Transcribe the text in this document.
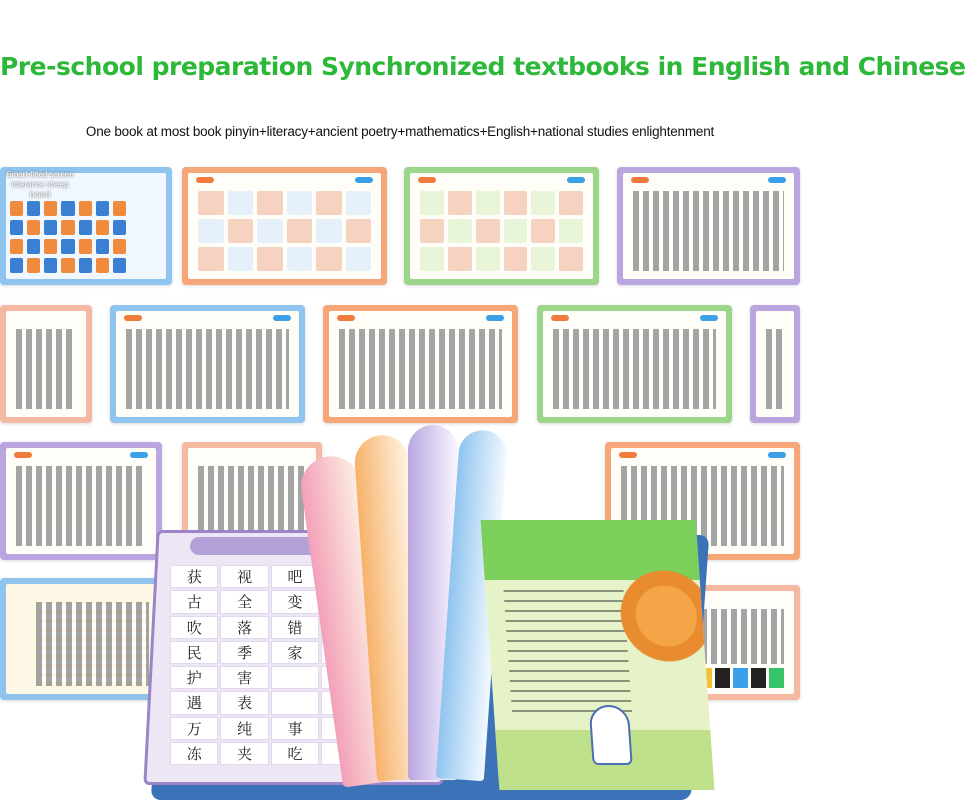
Pre-school preparation Synchronized textbooks in English and Chinese
One book at most book pinyin+literacy+ancient poetry+mathematics+English+national studies enlightenment
Smart-fitted screen tolerance sheep board
获	视	吧
古	全	变
吹	落	错
民	季	家
护	害
遇	表
万	纯	事
冻	夹	吃
